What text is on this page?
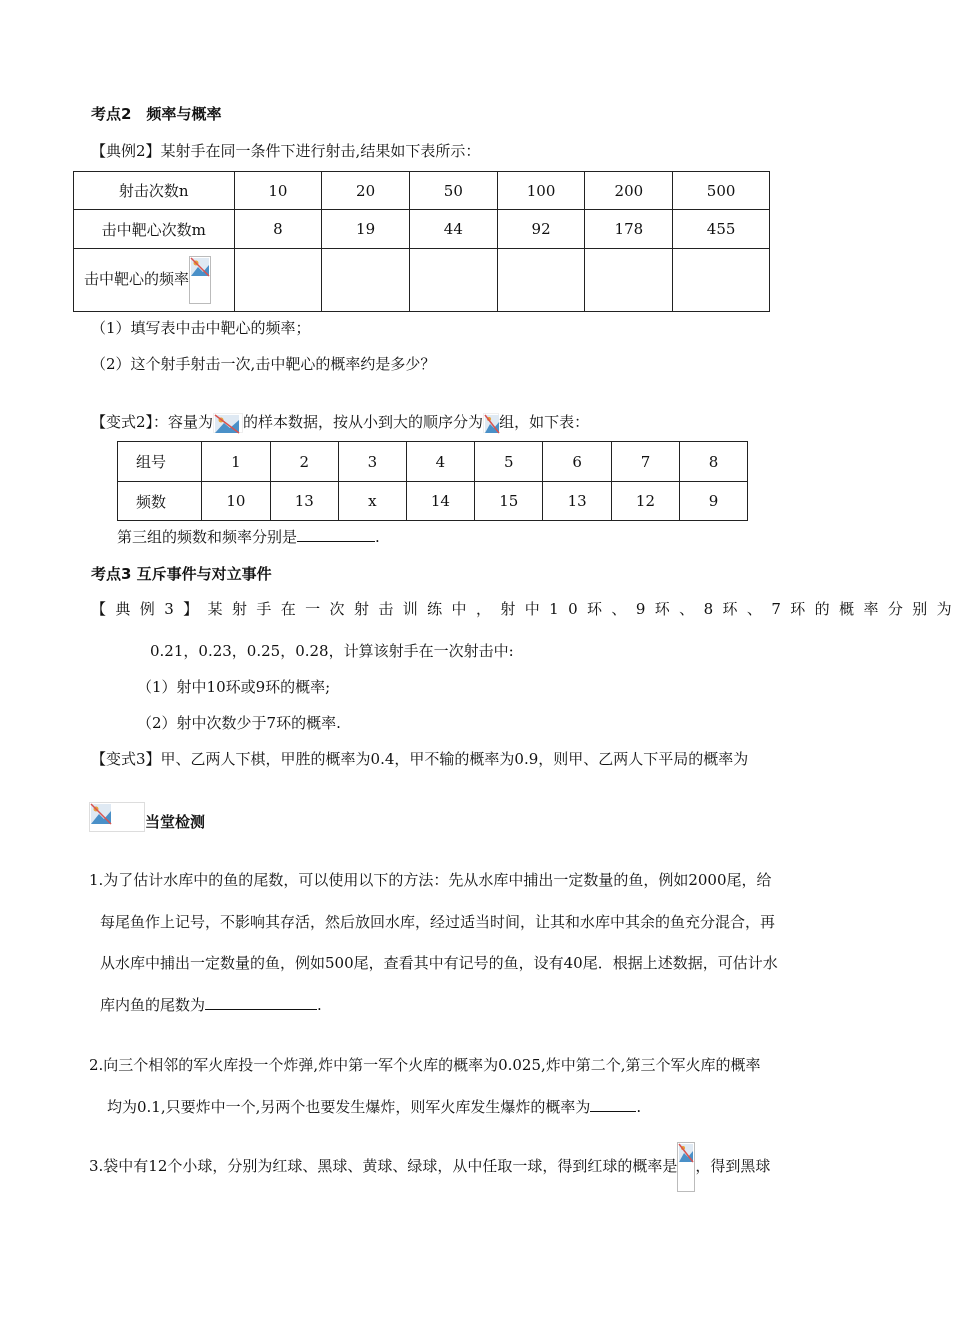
考点2　频率与概率
【典例2】某射手在同一条件下进行射击,结果如下表所示：
射击次数n	10	20	50	100	200	500
击中靶心次数m	8	19	44	92	178	455
击中靶心的频率

（1）填写表中击中靶心的频率；
（2）这个射手射击一次,击中靶心的概率约是多少？
【变式2】：容量为 的样本数据，按从小到大的顺序分为 组，如下表：
组号	1	2	3	4	5	6	7	8
频数	10	13	x	14	15	13	12	9
第三组的频数和频率分别是	.
考点3 互斥事件与对立事件
【典例3】某射手在一次射击训练中，射中10环、9环、8环、7环的概率分别为
0.21，0.23，0.25，0.28，计算该射手在一次射击中:
（1）射中10环或9环的概率;
（2）射中次数少于7环的概率.
【变式3】甲、乙两人下棋，甲胜的概率为0.4，甲不输的概率为0.9，则甲、乙两人下平局的概率为
当堂检测
1.为了估计水库中的鱼的尾数，可以使用以下的方法：先从水库中捕出一定数量的鱼，例如2000尾，给
每尾鱼作上记号，不影响其存活，然后放回水库，经过适当时间，让其和水库中其余的鱼充分混合，再
从水库中捕出一定数量的鱼，例如500尾，查看其中有记号的鱼，设有40尾．根据上述数据，可估计水
库内鱼的尾数为	.
2.向三个相邻的军火库投一个炸弹,炸中第一军个火库的概率为0.025,炸中第二个,第三个军火库的概率
均为0.1,只要炸中一个,另两个也要发生爆炸，则军火库发生爆炸的概率为	.
3.袋中有12个小球，分别为红球、黑球、黄球、绿球，从中任取一球，得到红球的概率是 ，得到黑球
